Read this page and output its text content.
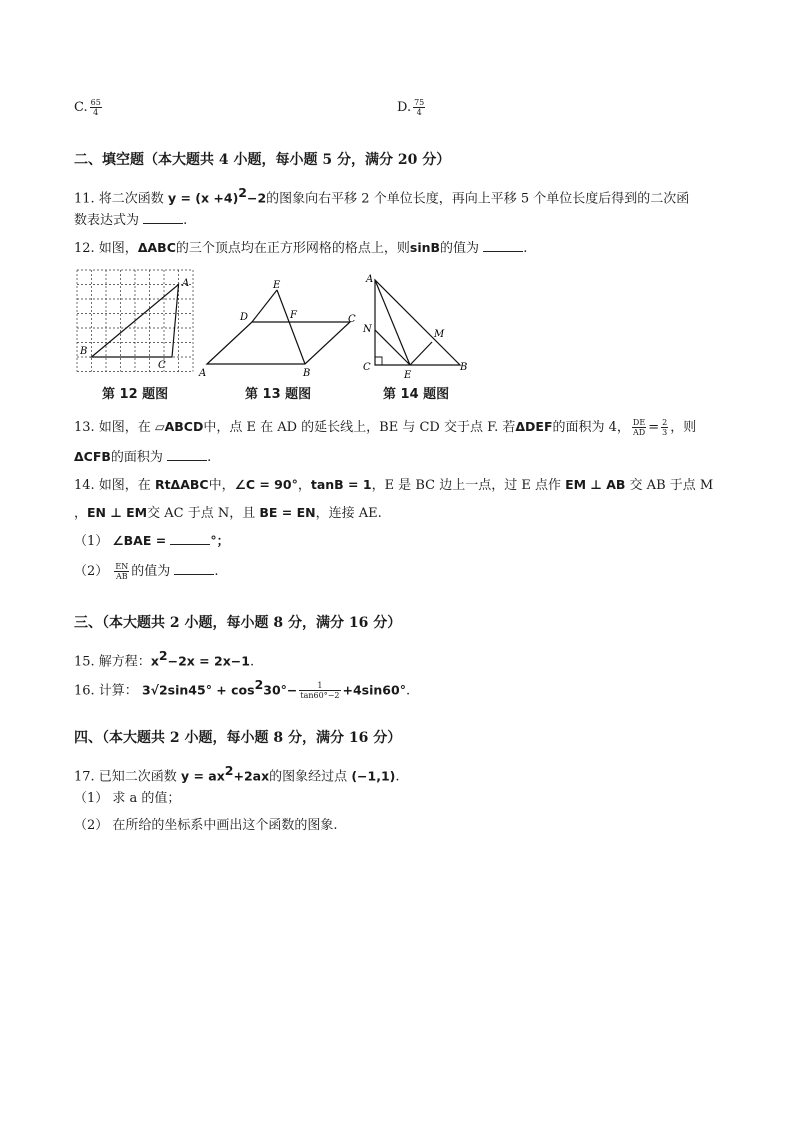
C. $\frac{65}{4}$	D. $\frac{75}{4}$
二、填空题（本大题共 4 小题，每小题 5 分，满分 20 分）
11. 将二次函数 $y = (x +4)^2-2$的图象向右平移 2 个单位长度，再向上平移 5 个单位长度后得到的二次函
数表达式为	.
12. 如图，ΔABC的三个顶点均在正方形网格的格点上，则sinB的值为	.
A
B
C
第 12 题图
E
D	F	C
A	B
第 13 题图
A
N	M
C
E
B
第 14 题图
13. 如图，在 ▱ABCD中，点 E 在 AD 的延长线上，BE 与 CD 交于点 F. 若ΔDEF的面积为 4， $\frac{DE}{AD} = \frac{2}{3}$ ，则
ΔCFB的面积为	.
14. 如图，在 RtΔABC中，∠C = 90°，tanB = 1，E 是 BC 边上一点，过 E 点作 EM ⊥ AB 交 AB 于点 M
，EN ⊥ EM交 AC 于点 N，且 BE = EN，连接 AE.
（1） ∠BAE =	°；
$(2) \frac{EN}{AB}$ 的值为	.
三、（本大题共 2 小题，每小题 8 分，满分 16 分）
15. 解方程：$x^2-2x = 2x-1$.
16. 计算： $3√2\sin 45^\circ + \cos^230^\circ- \frac{1}{\tan 60^\circ-2} +4\sin 60^\circ$.
四、（本大题共 2 小题，每小题 8 分，满分 16 分）
17. 已知二次函数 $y = ax^2+2ax$的图象经过点 (−1,1).
（1） 求 a 的值；
（2） 在所给的坐标系中画出这个函数的图象.
